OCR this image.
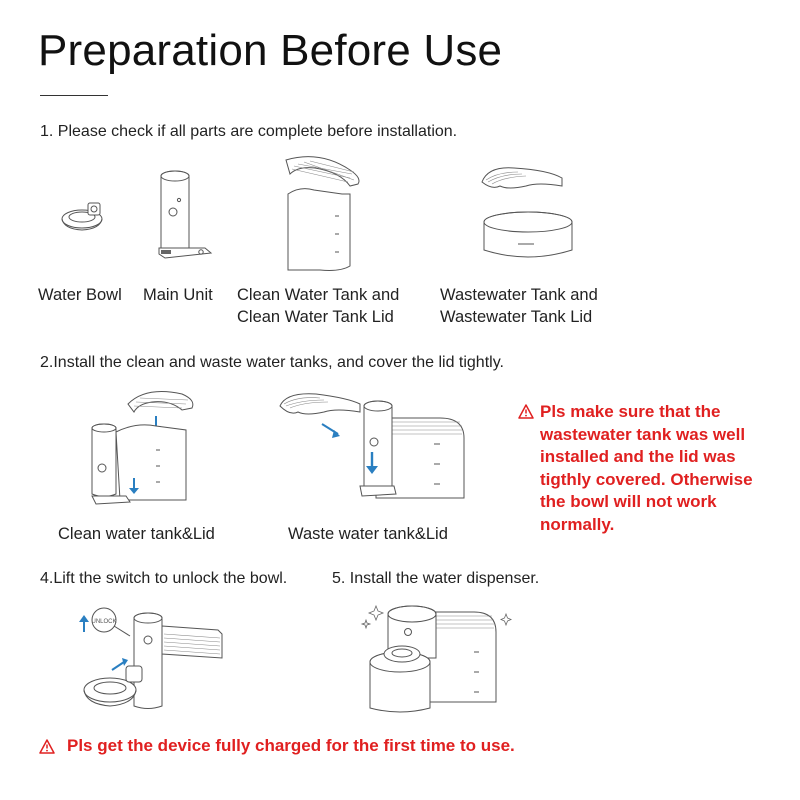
Preparation Before Use
1. Please check if all parts are complete before installation.
Water Bowl Main Unit Clean Water Tank and
Clean Water Tank Lid
Wastewater Tank and
Wastewater Tank Lid
2.Install the clean and waste water tanks, and cover the lid tightly.
Clean water tank&Lid	Waste water tank&Lid
Pls make sure that the
wastewater tank was well
installed and the lid was
tigthly covered. Otherwise
the bowl will not work
normally.
4.Lift the switch to unlock the bowl.	5. Install the water dispenser.
UNLOCK
Pls get the device fully charged for the first time to use.
